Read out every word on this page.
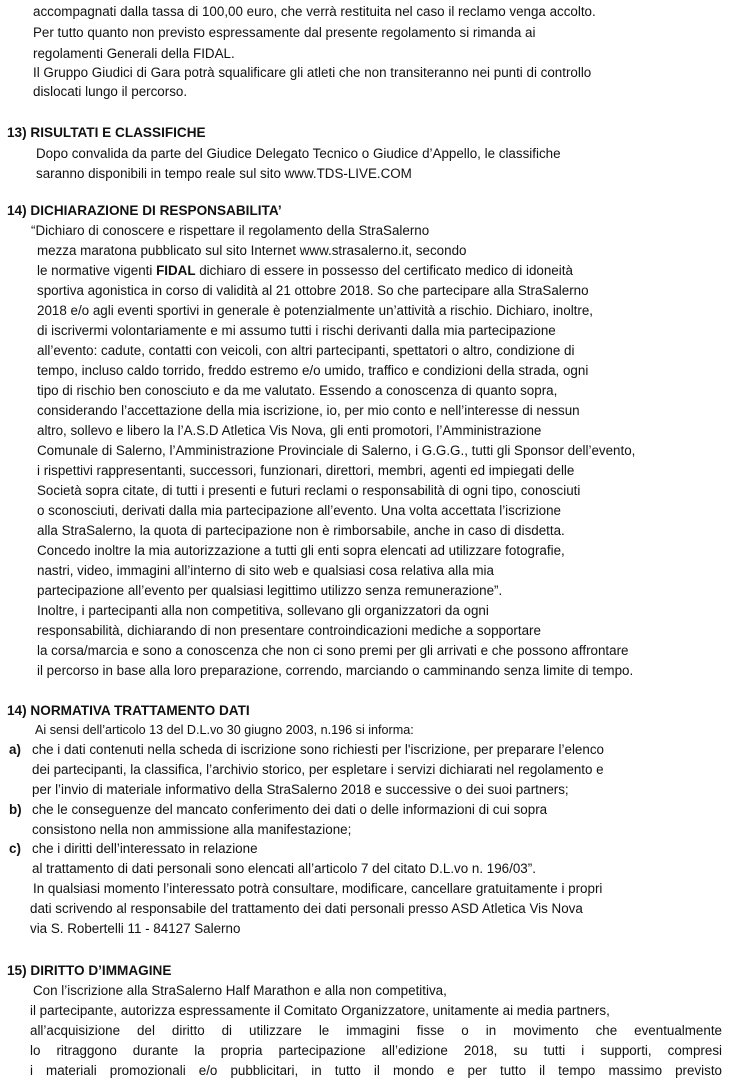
accompagnati dalla tassa di 100,00 euro, che verrà restituita nel caso il reclamo venga accolto.
Per tutto quanto non previsto espressamente dal presente regolamento si rimanda ai
regolamenti Generali della FIDAL.
Il Gruppo Giudici di Gara potrà squalificare gli atleti che non transiteranno nei punti di controllo
dislocati lungo il percorso.
13) RISULTATI E CLASSIFICHE
Dopo convalida da parte del Giudice Delegato Tecnico o Giudice d’Appello, le classifiche
saranno disponibili in tempo reale sul sito www.TDS-LIVE.COM
14) DICHIARAZIONE DI RESPONSABILITA’
“Dichiaro di conoscere e rispettare il regolamento della StraSalerno
mezza maratona pubblicato sul sito Internet www.strasalerno.it, secondo
le normative vigenti FIDAL dichiaro di essere in possesso del certificato medico di idoneità
sportiva agonistica in corso di validità al 21 ottobre 2018. So che partecipare alla StraSalerno
2018 e/o agli eventi sportivi in generale è potenzialmente un’attività a rischio. Dichiaro, inoltre,
di iscrivermi volontariamente e mi assumo tutti i rischi derivanti dalla mia partecipazione
all’evento: cadute, contatti con veicoli, con altri partecipanti, spettatori o altro, condizione di
tempo, incluso caldo torrido, freddo estremo e/o umido, traffico e condizioni della strada, ogni
tipo di rischio ben conosciuto e da me valutato. Essendo a conoscenza di quanto sopra,
considerando l’accettazione della mia iscrizione, io, per mio conto e nell’interesse di nessun
altro, sollevo e libero la l’A.S.D Atletica Vis Nova, gli enti promotori, l’Amministrazione
Comunale di Salerno, l’Amministrazione Provinciale di Salerno, i G.G.G., tutti gli Sponsor dell’evento,
i rispettivi rappresentanti, successori, funzionari, direttori, membri, agenti ed impiegati delle
Società sopra citate, di tutti i presenti e futuri reclami o responsabilità di ogni tipo, conosciuti
o sconosciuti, derivati dalla mia partecipazione all’evento. Una volta accettata l’iscrizione
alla StraSalerno, la quota di partecipazione non è rimborsabile, anche in caso di disdetta.
Concedo inoltre la mia autorizzazione a tutti gli enti sopra elencati ad utilizzare fotografie,
nastri, video, immagini all’interno di sito web e qualsiasi cosa relativa alla mia
partecipazione all’evento per qualsiasi legittimo utilizzo senza remunerazione”.
Inoltre, i partecipanti alla non competitiva, sollevano gli organizzatori da ogni
responsabilità, dichiarando di non presentare controindicazioni mediche a sopportare
la corsa/marcia e sono a conoscenza che non ci sono premi per gli arrivati e che possono affrontare
il percorso in base alla loro preparazione, correndo, marciando o camminando senza limite di tempo.
14) NORMATIVA TRATTAMENTO DATI
Ai sensi dell’articolo 13 del D.L.vo 30 giugno 2003, n.196 si informa:
a) che i dati contenuti nella scheda di iscrizione sono richiesti per l'iscrizione, per preparare l’elenco
dei partecipanti, la classifica, l’archivio storico, per espletare i servizi dichiarati nel regolamento e
per l’invio di materiale informativo della StraSalerno 2018 e successive o dei suoi partners;
b) che le conseguenze del mancato conferimento dei dati o delle informazioni di cui sopra
consistono nella non ammissione alla manifestazione;
c) che i diritti dell’interessato in relazione
al trattamento di dati personali sono elencati all’articolo 7 del citato D.L.vo n. 196/03”.
In qualsiasi momento l’interessato potrà consultare, modificare, cancellare gratuitamente i propri
dati scrivendo al responsabile del trattamento dei dati personali presso ASD Atletica Vis Nova
via S. Robertelli 11 - 84127 Salerno
15) DIRITTO D’IMMAGINE
Con l’iscrizione alla StraSalerno Half Marathon e alla non competitiva,
il partecipante, autorizza espressamente il Comitato Organizzatore, unitamente ai media partners,
all’acquisizione del diritto di utilizzare le immagini fisse o in movimento che eventualmente
lo ritraggono durante la propria partecipazione all’edizione 2018, su tutti i supporti, compresi
i materiali promozionali e/o pubblicitari, in tutto il mondo e per tutto il tempo massimo previsto
